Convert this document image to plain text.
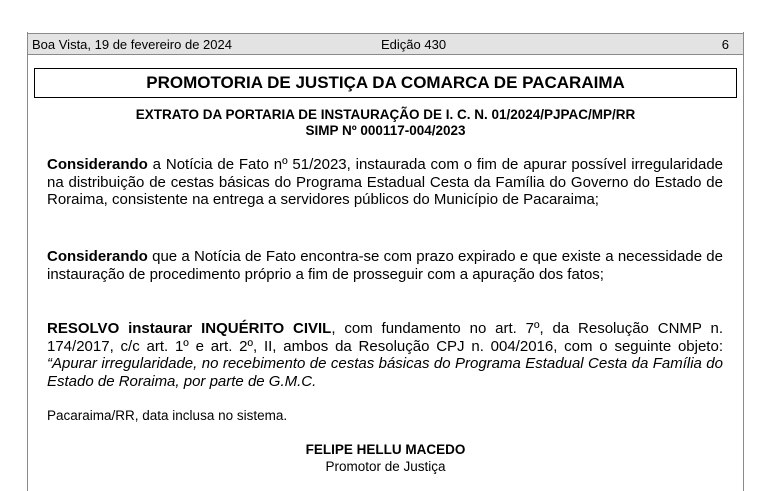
Boa Vista, 19 de fevereiro de 2024	Edição 430	6
PROMOTORIA DE JUSTIÇA DA COMARCA DE PACARAIMA
EXTRATO DA PORTARIA DE INSTAURAÇÃO DE I. C. N. 01/2024/PJPAC/MP/RR
SIMP Nº 000117-004/2023
Considerando a Notícia de Fato nº 51/2023, instaurada com o fim de apurar possível irregularidade na distribuição de cestas básicas do Programa Estadual Cesta da Família do Governo do Estado de Roraima, consistente na entrega a servidores públicos do Município de Pacaraima;
Considerando que a Notícia de Fato encontra-se com prazo expirado e que existe a necessidade de instauração de procedimento próprio a fim de prosseguir com a apuração dos fatos;
RESOLVO instaurar INQUÉRITO CIVIL, com fundamento no art. 7º, da Resolução CNMP n. 174/2017, c/c art. 1º e art. 2º, II, ambos da Resolução CPJ n. 004/2016, com o seguinte objeto: “Apurar irregularidade, no recebimento de cestas básicas do Programa Estadual Cesta da Família do Estado de Roraima, por parte de G.M.C.
Pacaraima/RR, data inclusa no sistema.
FELIPE HELLU MACEDO
Promotor de Justiça
